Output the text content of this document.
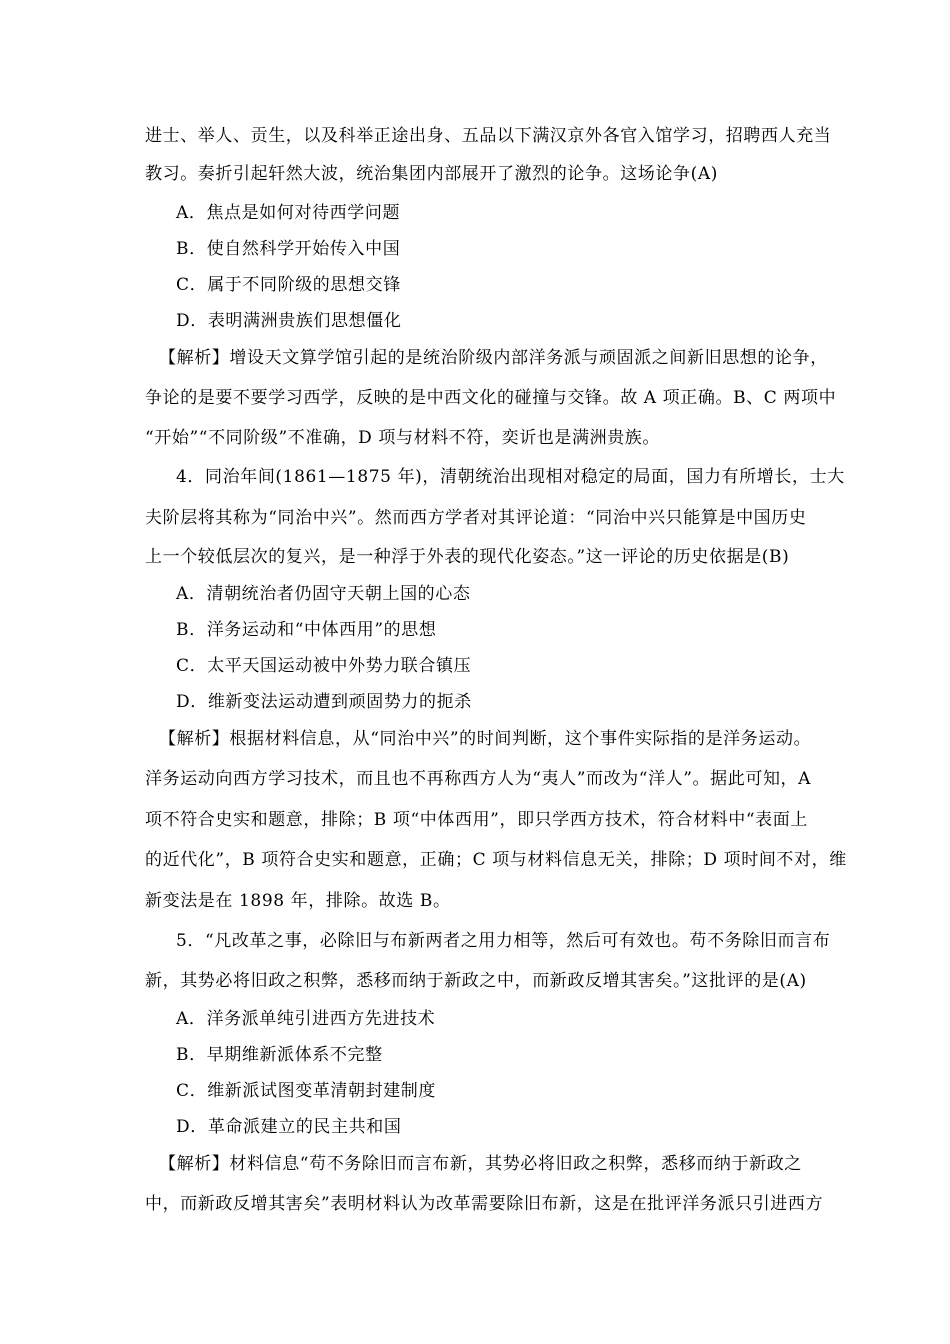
进士、举人、贡生，以及科举正途出身、五品以下满汉京外各官入馆学习，招聘西人充当
教习。奏折引起轩然大波，统治集团内部展开了激烈的论争。这场论争(A)
A．焦点是如何对待西学问题
B．使自然科学开始传入中国
C．属于不同阶级的思想交锋
D．表明满洲贵族们思想僵化
【解析】增设天文算学馆引起的是统治阶级内部洋务派与顽固派之间新旧思想的论争，
争论的是要不要学习西学，反映的是中西文化的碰撞与交锋。故 A 项正确。B、C 两项中
“开始”“不同阶级”不准确，D 项与材料不符，奕䜣也是满洲贵族。
4．同治年间(1861—1875 年)，清朝统治出现相对稳定的局面，国力有所增长，士大
夫阶层将其称为“同治中兴”。然而西方学者对其评论道：“同治中兴只能算是中国历史
上一个较低层次的复兴，是一种浮于外表的现代化姿态。”这一评论的历史依据是(B)
A．清朝统治者仍固守天朝上国的心态
B．洋务运动和“中体西用”的思想
C．太平天国运动被中外势力联合镇压
D．维新变法运动遭到顽固势力的扼杀
【解析】根据材料信息，从“同治中兴”的时间判断，这个事件实际指的是洋务运动。
洋务运动向西方学习技术，而且也不再称西方人为“夷人”而改为“洋人”。据此可知，A
项不符合史实和题意，排除；B 项“中体西用”，即只学西方技术，符合材料中“表面上
的近代化”，B 项符合史实和题意，正确；C 项与材料信息无关，排除；D 项时间不对，维
新变法是在 1898 年，排除。故选 B。
5．“凡改革之事，必除旧与布新两者之用力相等，然后可有效也。苟不务除旧而言布
新，其势必将旧政之积弊，悉移而纳于新政之中，而新政反增其害矣。”这批评的是(A)
A．洋务派单纯引进西方先进技术
B．早期维新派体系不完整
C．维新派试图变革清朝封建制度
D．革命派建立的民主共和国
【解析】材料信息“苟不务除旧而言布新，其势必将旧政之积弊，悉移而纳于新政之
中，而新政反增其害矣”表明材料认为改革需要除旧布新，这是在批评洋务派只引进西方
